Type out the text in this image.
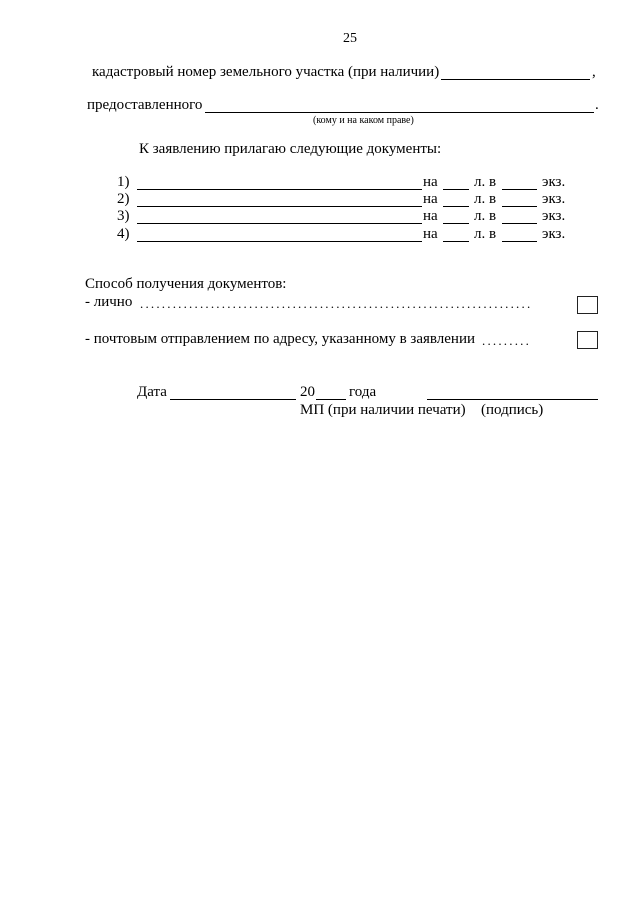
25
кадастровый номер земельного участка (при наличии)	,
предоставленного	.
(кому и на каком праве)
К заявлению прилагаю следующие документы:
1)	на л. в	экз.
2)	на л. в	экз.
3)	на л. в	экз.
4)	на л. в	экз.
Способ получения документов:
- лично ........................................................................
- почтовым отправлением по адресу, указанному в заявлении .........
Дата	20 года
МП (при наличии печати) (подпись)
